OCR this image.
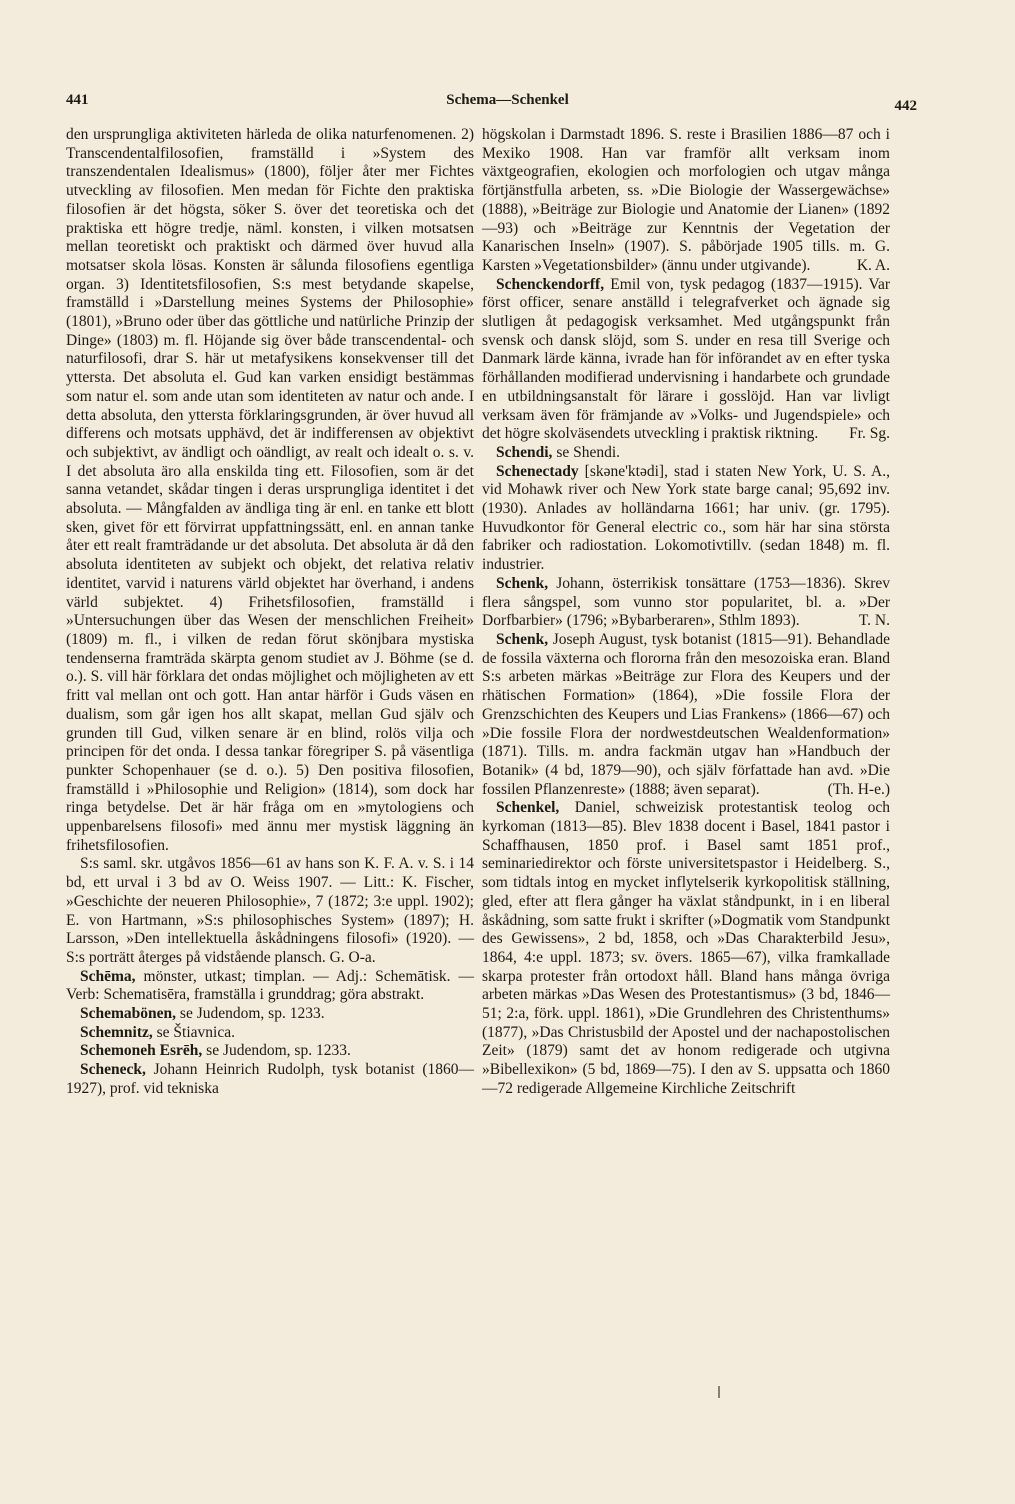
441	Schema—Schenkel	442

den ursprungliga aktiviteten härleda de olika naturfenomenen. 2) Transcendentalfilosofien, framställd i »System des transzendentalen Idealismus» (1800), följer åter mer Fichtes utveckling av filosofien. Men medan för Fichte den praktiska filosofien är det högsta, söker S. över det teoretiska och det praktiska ett högre tredje, näml. konsten, i vilken motsatsen mellan teoretiskt och praktiskt och därmed över huvud alla motsatser skola lösas. Konsten är sålunda filosofiens egentliga organ. 3) Identitetsfilosofien, S:s mest betydande skapelse, framställd i »Darstellung meines Systems der Philosophie» (1801), »Bruno oder über das göttliche und natürliche Prinzip der Dinge» (1803) m. fl. Höjande sig över både transcendental- och naturfilosofi, drar S. här ut metafysikens konsekvenser till det yttersta. Det absoluta el. Gud kan varken ensidigt bestämmas som natur el. som ande utan som identiteten av natur och ande. I detta absoluta, den yttersta förklaringsgrunden, är över huvud all differens och motsats upphävd, det är indifferensen av objektivt och subjektivt, av ändligt och oändligt, av realt och idealt o. s. v. I det absoluta äro alla enskilda ting ett. Filosofien, som är det sanna vetandet, skådar tingen i deras ursprungliga identitet i det absoluta. — Mångfalden av ändliga ting är enl. en tanke ett blott sken, givet för ett förvirrat uppfattningssätt, enl. en annan tanke åter ett realt framträdande ur det absoluta. Det absoluta är då den absoluta identiteten av subjekt och objekt, det relativa relativ identitet, varvid i naturens värld objektet har överhand, i andens värld subjektet. 4) Frihetsfilosofien, framställd i »Untersuchungen über das Wesen der menschlichen Freiheit» (1809) m. fl., i vilken de redan förut skönjbara mystiska tendenserna framträda skärpta genom studiet av J. Böhme (se d. o.). S. vill här förklara det ondas möjlighet och möjligheten av ett fritt val mellan ont och gott. Han antar härför i Guds väsen en dualism, som går igen hos allt skapat, mellan Gud själv och grunden till Gud, vilken senare är en blind, rolös vilja och principen för det onda. I dessa tankar föregriper S. på väsentliga punkter Schopenhauer (se d. o.). 5) Den positiva filosofien, framställd i »Philosophie und Religion» (1814), som dock har ringa betydelse. Det är här fråga om en »mytologiens och uppenbarelsens filosofi» med ännu mer mystisk läggning än frihetsfilosofien.

S:s saml. skr. utgåvos 1856—61 av hans son K. F. A. v. S. i 14 bd, ett urval i 3 bd av O. Weiss 1907. — Litt.: K. Fischer, »Geschichte der neueren Philosophie», 7 (1872; 3:e uppl. 1902); E. von Hartmann, »S:s philosophisches System» (1897); H. Larsson, »Den intellektuella åskådningens filosofi» (1920). — S:s porträtt återges på vidstående plansch. G. O-a.

Schēma, mönster, utkast; timplan. — Adj.: Schemātisk. — Verb: Schematisēra, framställa i grunddrag; göra abstrakt.

Schemabönen, se Judendom, sp. 1233.

Schemnitz, se Štiavnica.

Schemoneh Esrēh, se Judendom, sp. 1233.

Scheneck, Johann Heinrich Rudolph, tysk botanist (1860—1927), prof. vid tekniska

högskolan i Darmstadt 1896. S. reste i Brasilien 1886—87 och i Mexiko 1908. Han var framför allt verksam inom växtgeografien, ekologien och morfologien och utgav många förtjänstfulla arbeten, ss. »Die Biologie der Wassergewächse» (1888), »Beiträge zur Biologie und Anatomie der Lianen» (1892—93) och »Beiträge zur Kenntnis der Vegetation der Kanarischen Inseln» (1907). S. påbörjade 1905 tills. m. G. Karsten »Vegetationsbilder» (ännu under utgivande).	K. A.

Schenckendorff, Emil von, tysk pedagog (1837—1915). Var först officer, senare anställd i telegrafverket och ägnade sig slutligen åt pedagogisk verksamhet. Med utgångspunkt från svensk och dansk slöjd, som S. under en resa till Sverige och Danmark lärde känna, ivrade han för införandet av en efter tyska förhållanden modifierad undervisning i handarbete och grundade en utbildningsanstalt för lärare i gosslöjd. Han var livligt verksam även för främjande av »Volks- und Jugendspiele» och det högre skolväsendets utveckling i praktisk riktning.	Fr. Sg.

Schendi, se Shendi.

Schenectady [skəne'ktədi], stad i staten New York, U. S. A., vid Mohawk river och New York state barge canal; 95,692 inv. (1930). Anlades av holländarna 1661; har univ. (gr. 1795). Huvudkontor för General electric co., som här har sina största fabriker och radiostation. Lokomotivtillv. (sedan 1848) m. fl. industrier.

Schenk, Johann, österrikisk tonsättare (1753—1836). Skrev flera sångspel, som vunno stor popularitet, bl. a. »Der Dorfbarbier» (1796; »Bybarberaren», Sthlm 1893).	T. N.

Schenk, Joseph August, tysk botanist (1815—91). Behandlade de fossila växterna och florornа från den mesozoiska eran. Bland S:s arbeten märkas »Beiträge zur Flora des Keupers und der rhätischen Formation» (1864), »Die fossile Flora der Grenzschichten des Keupers und Lias Frankens» (1866—67) och »Die fossile Flora der nordwestdeutschen Wealdenformation» (1871). Tills. m. andra fackmän utgav han »Handbuch der Botanik» (4 bd, 1879—90), och själv författade han avd. »Die fossilen Pflanzenreste» (1888; även separat).	(Th. H-e.)

Schenkel, Daniel, schweizisk protestantisk teolog och kyrkoman (1813—85). Blev 1838 docent i Basel, 1841 pastor i Schaffhausen, 1850 prof. i Basel samt 1851 prof., seminariedirektor och förste universitetspastor i Heidelberg. S., som tidtals intog en mycket inflytelserik kyrkopolitisk ställning, gled, efter att flera gånger ha växlat ståndpunkt, in i en liberal åskådning, som satte frukt i skrifter (»Dogmatik vom Standpunkt des Gewissens», 2 bd, 1858, och »Das Charakterbild Jesu», 1864, 4:e uppl. 1873; sv. övers. 1865—67), vilka framkallade skarpa protester från ortodoxt håll. Bland hans många övriga arbeten märkas »Das Wesen des Protestantismus» (3 bd, 1846—51; 2:a, förk. uppl. 1861), »Die Grundlehren des Christenthums» (1877), »Das Christusbild der Apostel und der nachapostolischen Zeit» (1879) samt det av honom redigerade och utgivna »Bibellexikon» (5 bd, 1869—75). I den av S. uppsatta och 1860—72 redigerade Allgemeine Kirchliche Zeitschrift
